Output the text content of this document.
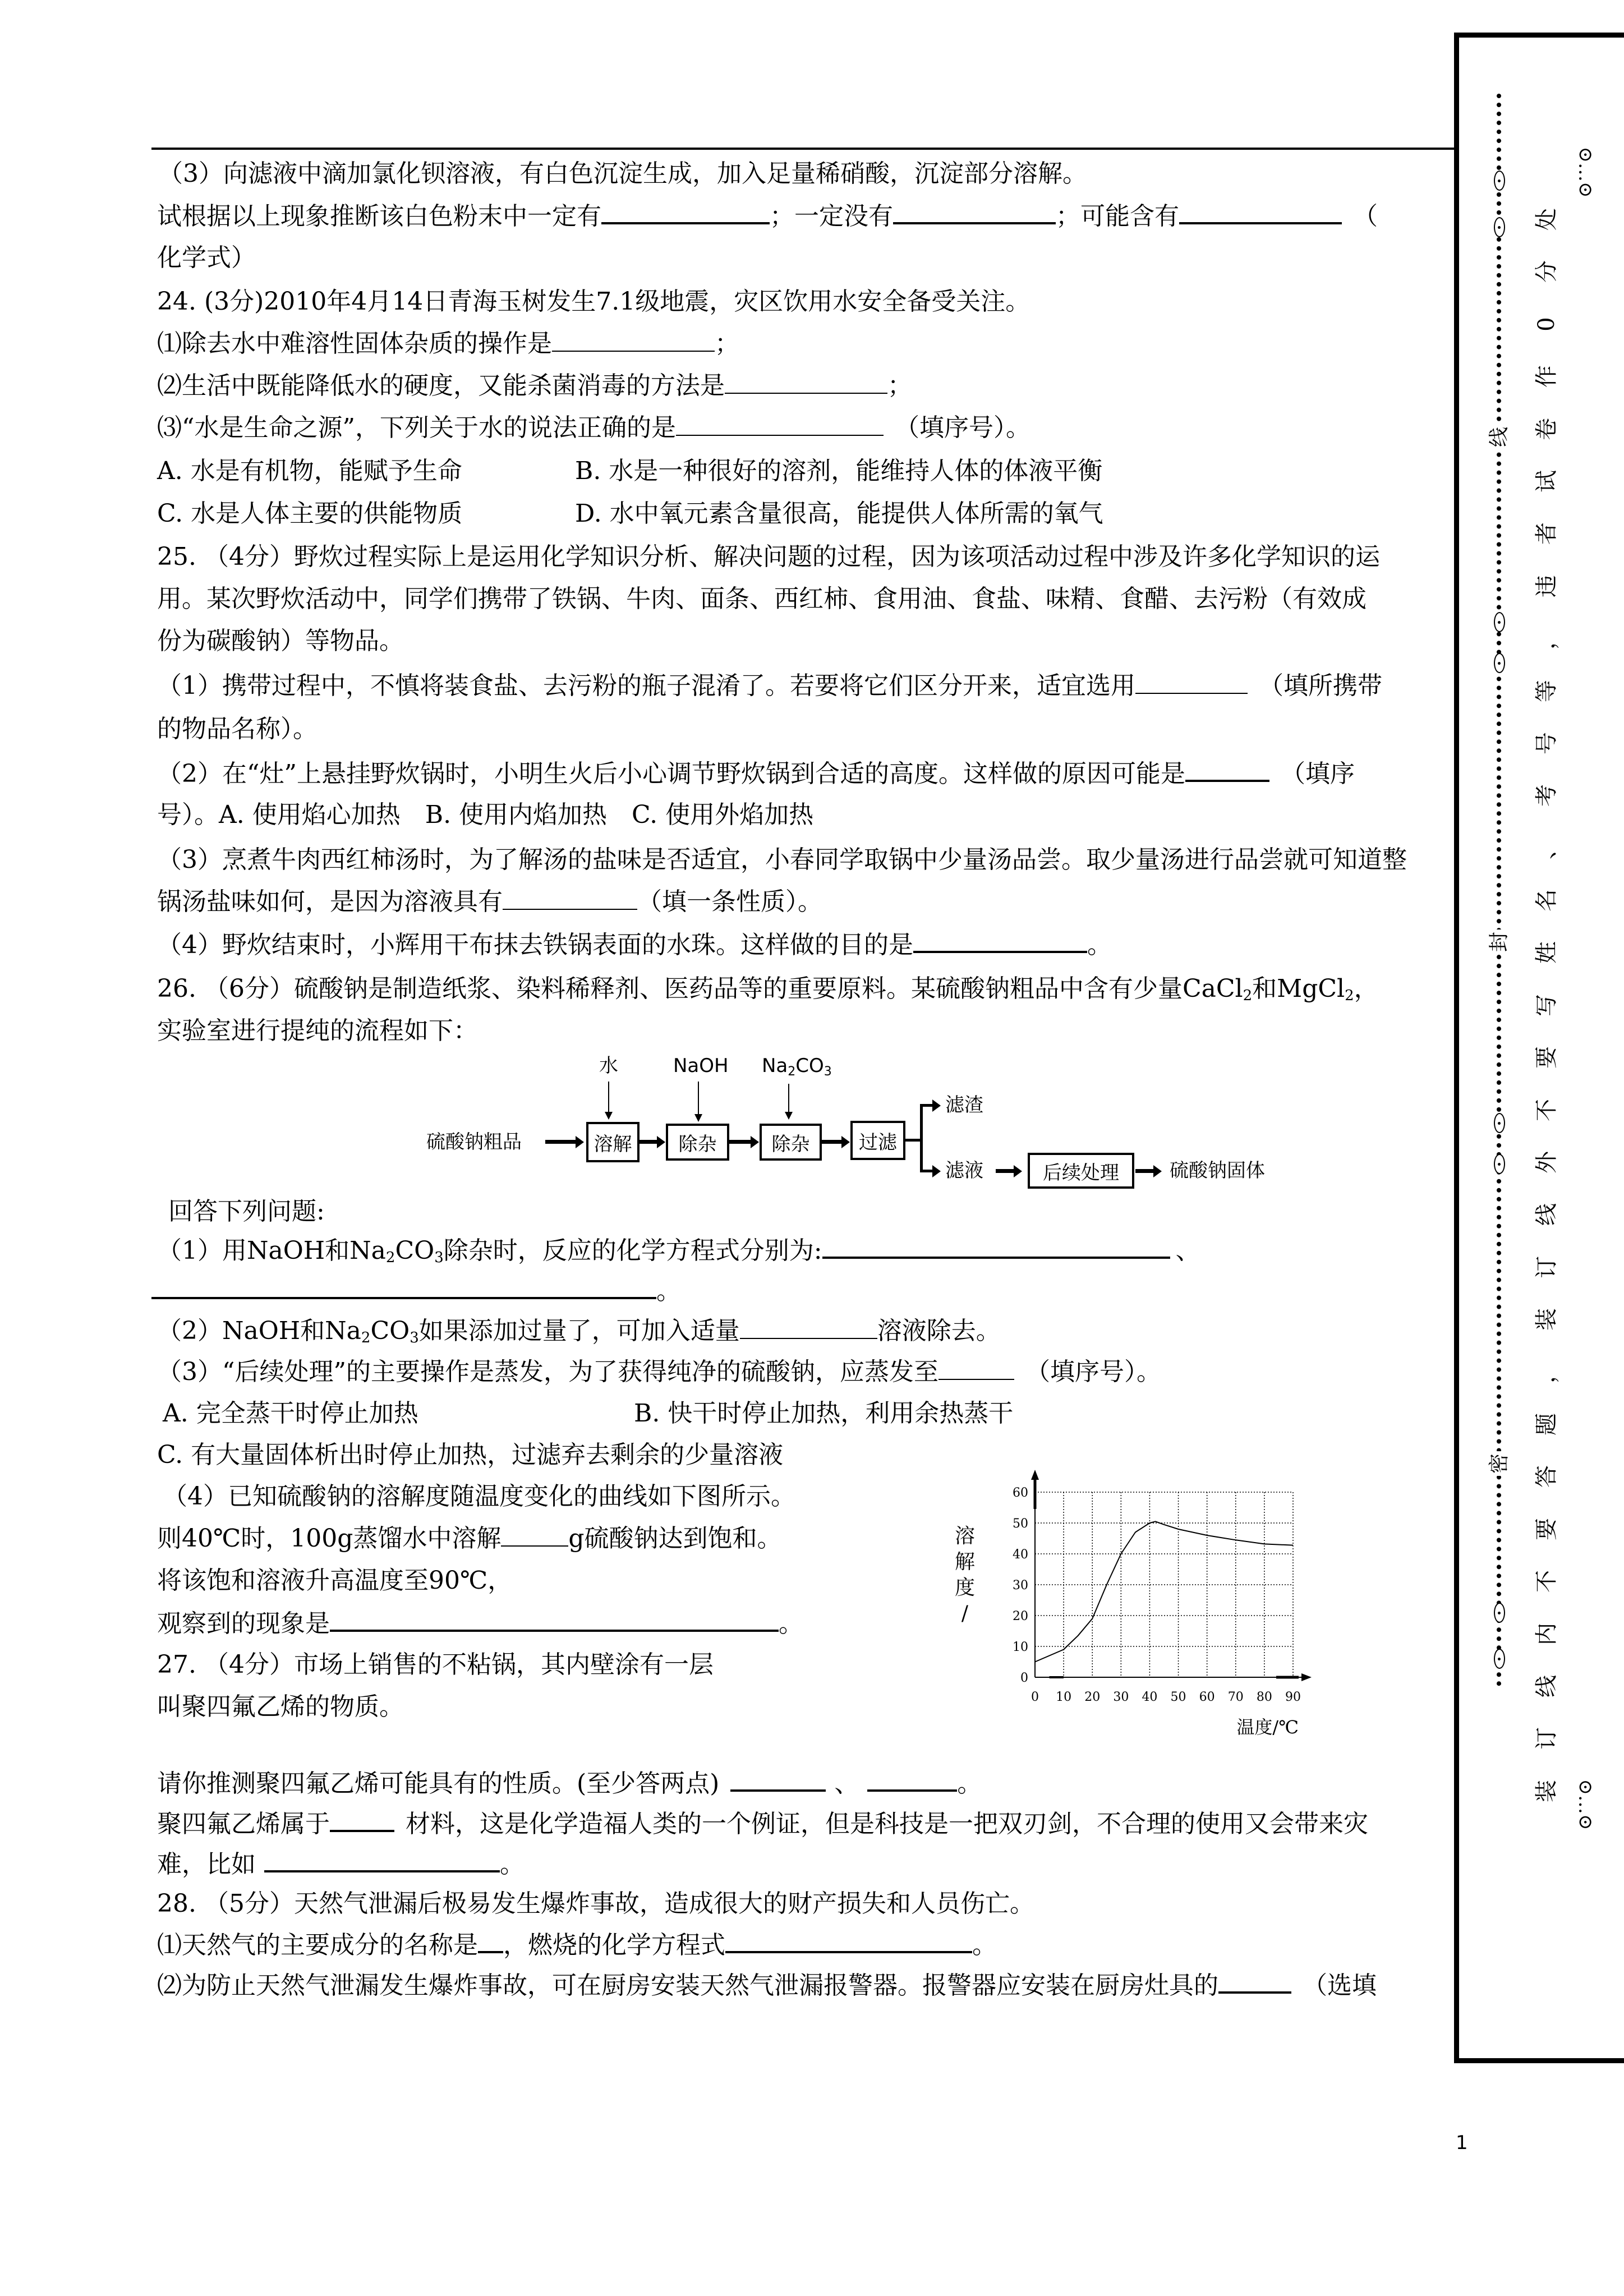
（3）向滤液中滴加氯化钡溶液，有白色沉淀生成，加入足量稀硝酸，沉淀部分溶解。
试根据以上现象推断该白色粉末中一定有	；一定没有	；可能含有	（
化学式）
24. (3分)2010年4月14日青海玉树发生7.1级地震，灾区饮用水安全备受关注。
⑴除去水中难溶性固体杂质的操作是	；
⑵生活中既能降低水的硬度，又能杀菌消毒的方法是	；
⑶“水是生命之源”，下列关于水的说法正确的是	（填序号）。
A. 水是有机物，能赋予生命	B. 水是一种很好的溶剂，能维持人体的体液平衡
C. 水是人体主要的供能物质	D. 水中氧元素含量很高，能提供人体所需的氧气
25. （4分）野炊过程实际上是运用化学知识分析、解决问题的过程，因为该项活动过程中涉及许多化学知识的运
用。某次野炊活动中，同学们携带了铁锅、牛肉、面条、西红柿、食用油、食盐、味精、食醋、去污粉（有效成
份为碳酸钠）等物品。
（1）携带过程中，不慎将装食盐、去污粉的瓶子混淆了。若要将它们区分开来，适宜选用	（填所携带
的物品名称）。
（2）在“灶”上悬挂野炊锅时，小明生火后小心调节野炊锅到合适的高度。这样做的原因可能是	（填序
号）。A. 使用焰心加热　B. 使用内焰加热　C. 使用外焰加热
（3）烹煮牛肉西红柿汤时，为了解汤的盐味是否适宜，小春同学取锅中少量汤品尝。取少量汤进行品尝就可知道整
锅汤盐味如何，是因为溶液具有	（填一条性质）。
（4）野炊结束时，小辉用干布抹去铁锅表面的水珠。这样做的目的是	。
26. （6分）硫酸钠是制造纸浆、染料稀释剂、医药品等的重要原料。某硫酸钠粗品中含有少量CaCl$_2$和MgCl$_2$，
实验室进行提纯的流程如下：
回答下列问题:
（1）用NaOH和$Na_2CO_3$除杂时，反应的化学方程式分别为:	、
。
（2）NaOH和$Na_2CO_3$如果添加过量了，可加入适量	溶液除去。
（3）“后续处理”的主要操作是蒸发，为了获得纯净的硫酸钠，应蒸发至	（填序号）。
A. 完全蒸干时停止加热	B. 快干时停止加热，利用余热蒸干
C. 有大量固体析出时停止加热，过滤弃去剩余的少量溶液
（4）已知硫酸钠的溶解度随温度变化的曲线如下图所示。
则40℃时，100g蒸馏水中溶解	g硫酸钠达到饱和。
将该饱和溶液升高温度至90℃，
观察到的现象是	。
27. （4分）市场上销售的不粘锅，其内壁涂有一层
叫聚四氟乙烯的物质。
请你推测聚四氟乙烯可能具有的性质。(至少答两点)	、	。
聚四氟乙烯属于	材料，这是化学造福人类的一个例证，但是科技是一把双刃剑，不合理的使用又会带来灾
难，比如	。
28. （5分）天然气泄漏后极易发生爆炸事故，造成很大的财产损失和人员伤亡。
⑴天然气的主要成分的名称是 ，燃烧的化学方程式	。
⑵为防止天然气泄漏发生爆炸事故，可在厨房安装天然气泄漏报警器。报警器应安装在厨房灶具的	（选填
水	NaOH $Na_2CO_3$
硫酸钠粗品	溶解	除杂	除杂	过滤
滤渣
滤液	后续处理	硫酸钠固体
0 10 20 30 40 50 60 70 80 90
0
10
20
30
40
50
60
溶
解
度
/
温度/℃
线
封
密
装
订
线
内
不
要
答
题
，
装
订
线
外
不
要
写
姓
名
、
考
号
等
，
违
者
试
卷
作
0
分
处
⊙…⊙
⊙…⊙
1
